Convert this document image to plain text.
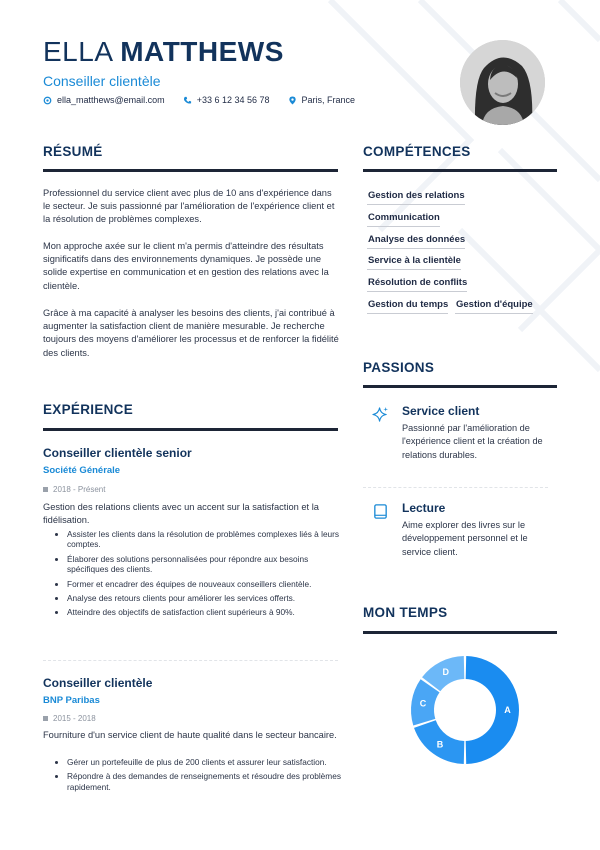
ELLA MATTHEWS
Conseiller clientèle
ella_matthews@email.com	+33 6 12 34 56 78	Paris, France
RÉSUMÉ

Professionnel du service client avec plus de 10 ans d'expérience dans le secteur. Je suis passionné par l'amélioration de l'expérience client et la résolution de problèmes complexes.

Mon approche axée sur le client m'a permis d'atteindre des résultats significatifs dans des environnements dynamiques. Je possède une solide expertise en communication et en gestion des relations avec la clientèle.

Grâce à ma capacité à analyser les besoins des clients, j'ai contribué à augmenter la satisfaction client de manière mesurable. Je recherche toujours des moyens d'améliorer les processus et de renforcer la fidélité des clients.

EXPÉRIENCE
Conseiller clientèle senior
Société Générale
2018 - Présent

Gestion des relations clients avec un accent sur la satisfaction et la fidélisation.

• Assister les clients dans la résolution de problèmes complexes liés à leurs comptes.
• Élaborer des solutions personnalisées pour répondre aux besoins spécifiques des clients.
• Former et encadrer des équipes de nouveaux conseillers clientèle.
• Analyse des retours clients pour améliorer les services offerts.
• Atteindre des objectifs de satisfaction client supérieurs à 90%.
Conseiller clientèle
BNP Paribas
2015 - 2018

Fourniture d'un service client de haute qualité dans le secteur bancaire.

• Gérer un portefeuille de plus de 200 clients et assurer leur satisfaction.
• Répondre à des demandes de renseignements et résoudre des problèmes rapidement.
COMPÉTENCES
Gestion des relations
Communication
Analyse des données
Service à la clientèle
Résolution de conflits
Gestion du temps Gestion d'équipe
PASSIONS
Service client

Passionné par l'amélioration de l'expérience client et la création de relations durables.

Lecture

Aime explorer des livres sur le développement personnel et le service client.

MON TEMPS
A
B
C
D
